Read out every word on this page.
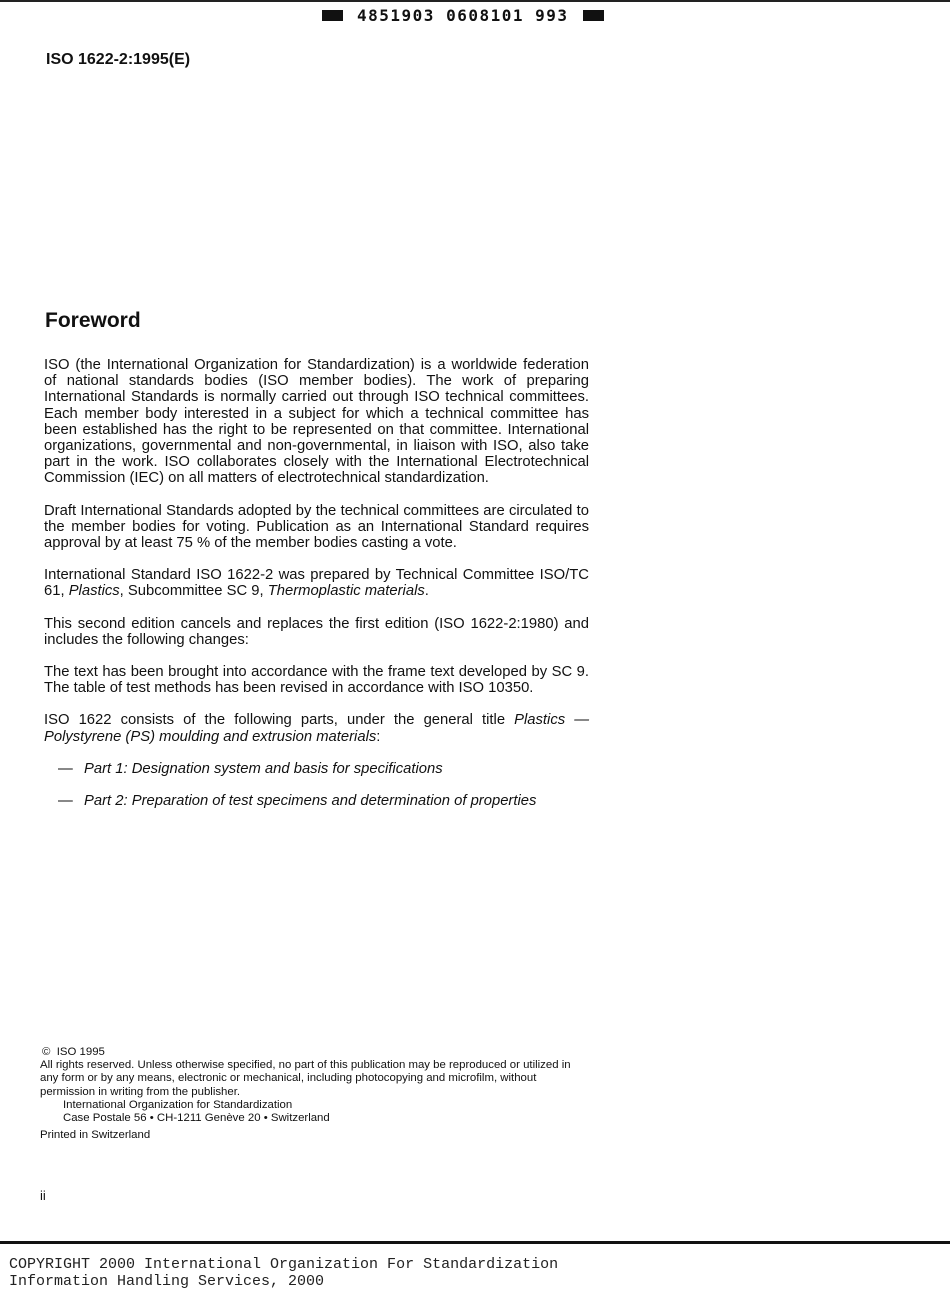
4851903 0608101 993
ISO 1622-2:1995(E)
Foreword

ISO (the International Organization for Standardization) is a worldwide federation of national standards bodies (ISO member bodies). The work of preparing International Standards is normally carried out through ISO technical committees. Each member body interested in a subject for which a technical committee has been established has the right to be represented on that committee. International organizations, governmental and non-governmental, in liaison with ISO, also take part in the work. ISO collaborates closely with the International Electrotechnical Commission (IEC) on all matters of electrotechnical standardization.

Draft International Standards adopted by the technical committees are circulated to the member bodies for voting. Publication as an International Standard requires approval by at least 75 % of the member bodies casting a vote.

International Standard ISO 1622-2 was prepared by Technical Committee ISO/TC 61, Plastics, Subcommittee SC 9, Thermoplastic materials.

This second edition cancels and replaces the first edition (ISO 1622-2:1980) and includes the following changes:

The text has been brought into accordance with the frame text developed by SC 9. The table of test methods has been revised in accordance with ISO 10350.

ISO 1622 consists of the following parts, under the general title Plastics — Polystyrene (PS) moulding and extrusion materials:

— Part 1: Designation system and basis for specifications
— Part 2: Preparation of test specimens and determination of properties
© ISO 1995
All rights reserved. Unless otherwise specified, no part of this publication may be reproduced or utilized in any form or by any means, electronic or mechanical, including photocopying and microfilm, without permission in writing from the publisher.
International Organization for Standardization
Case Postale 56 • CH-1211 Genève 20 • Switzerland
Printed in Switzerland
ii
COPYRIGHT 2000 International Organization For Standardization
Information Handling Services, 2000
